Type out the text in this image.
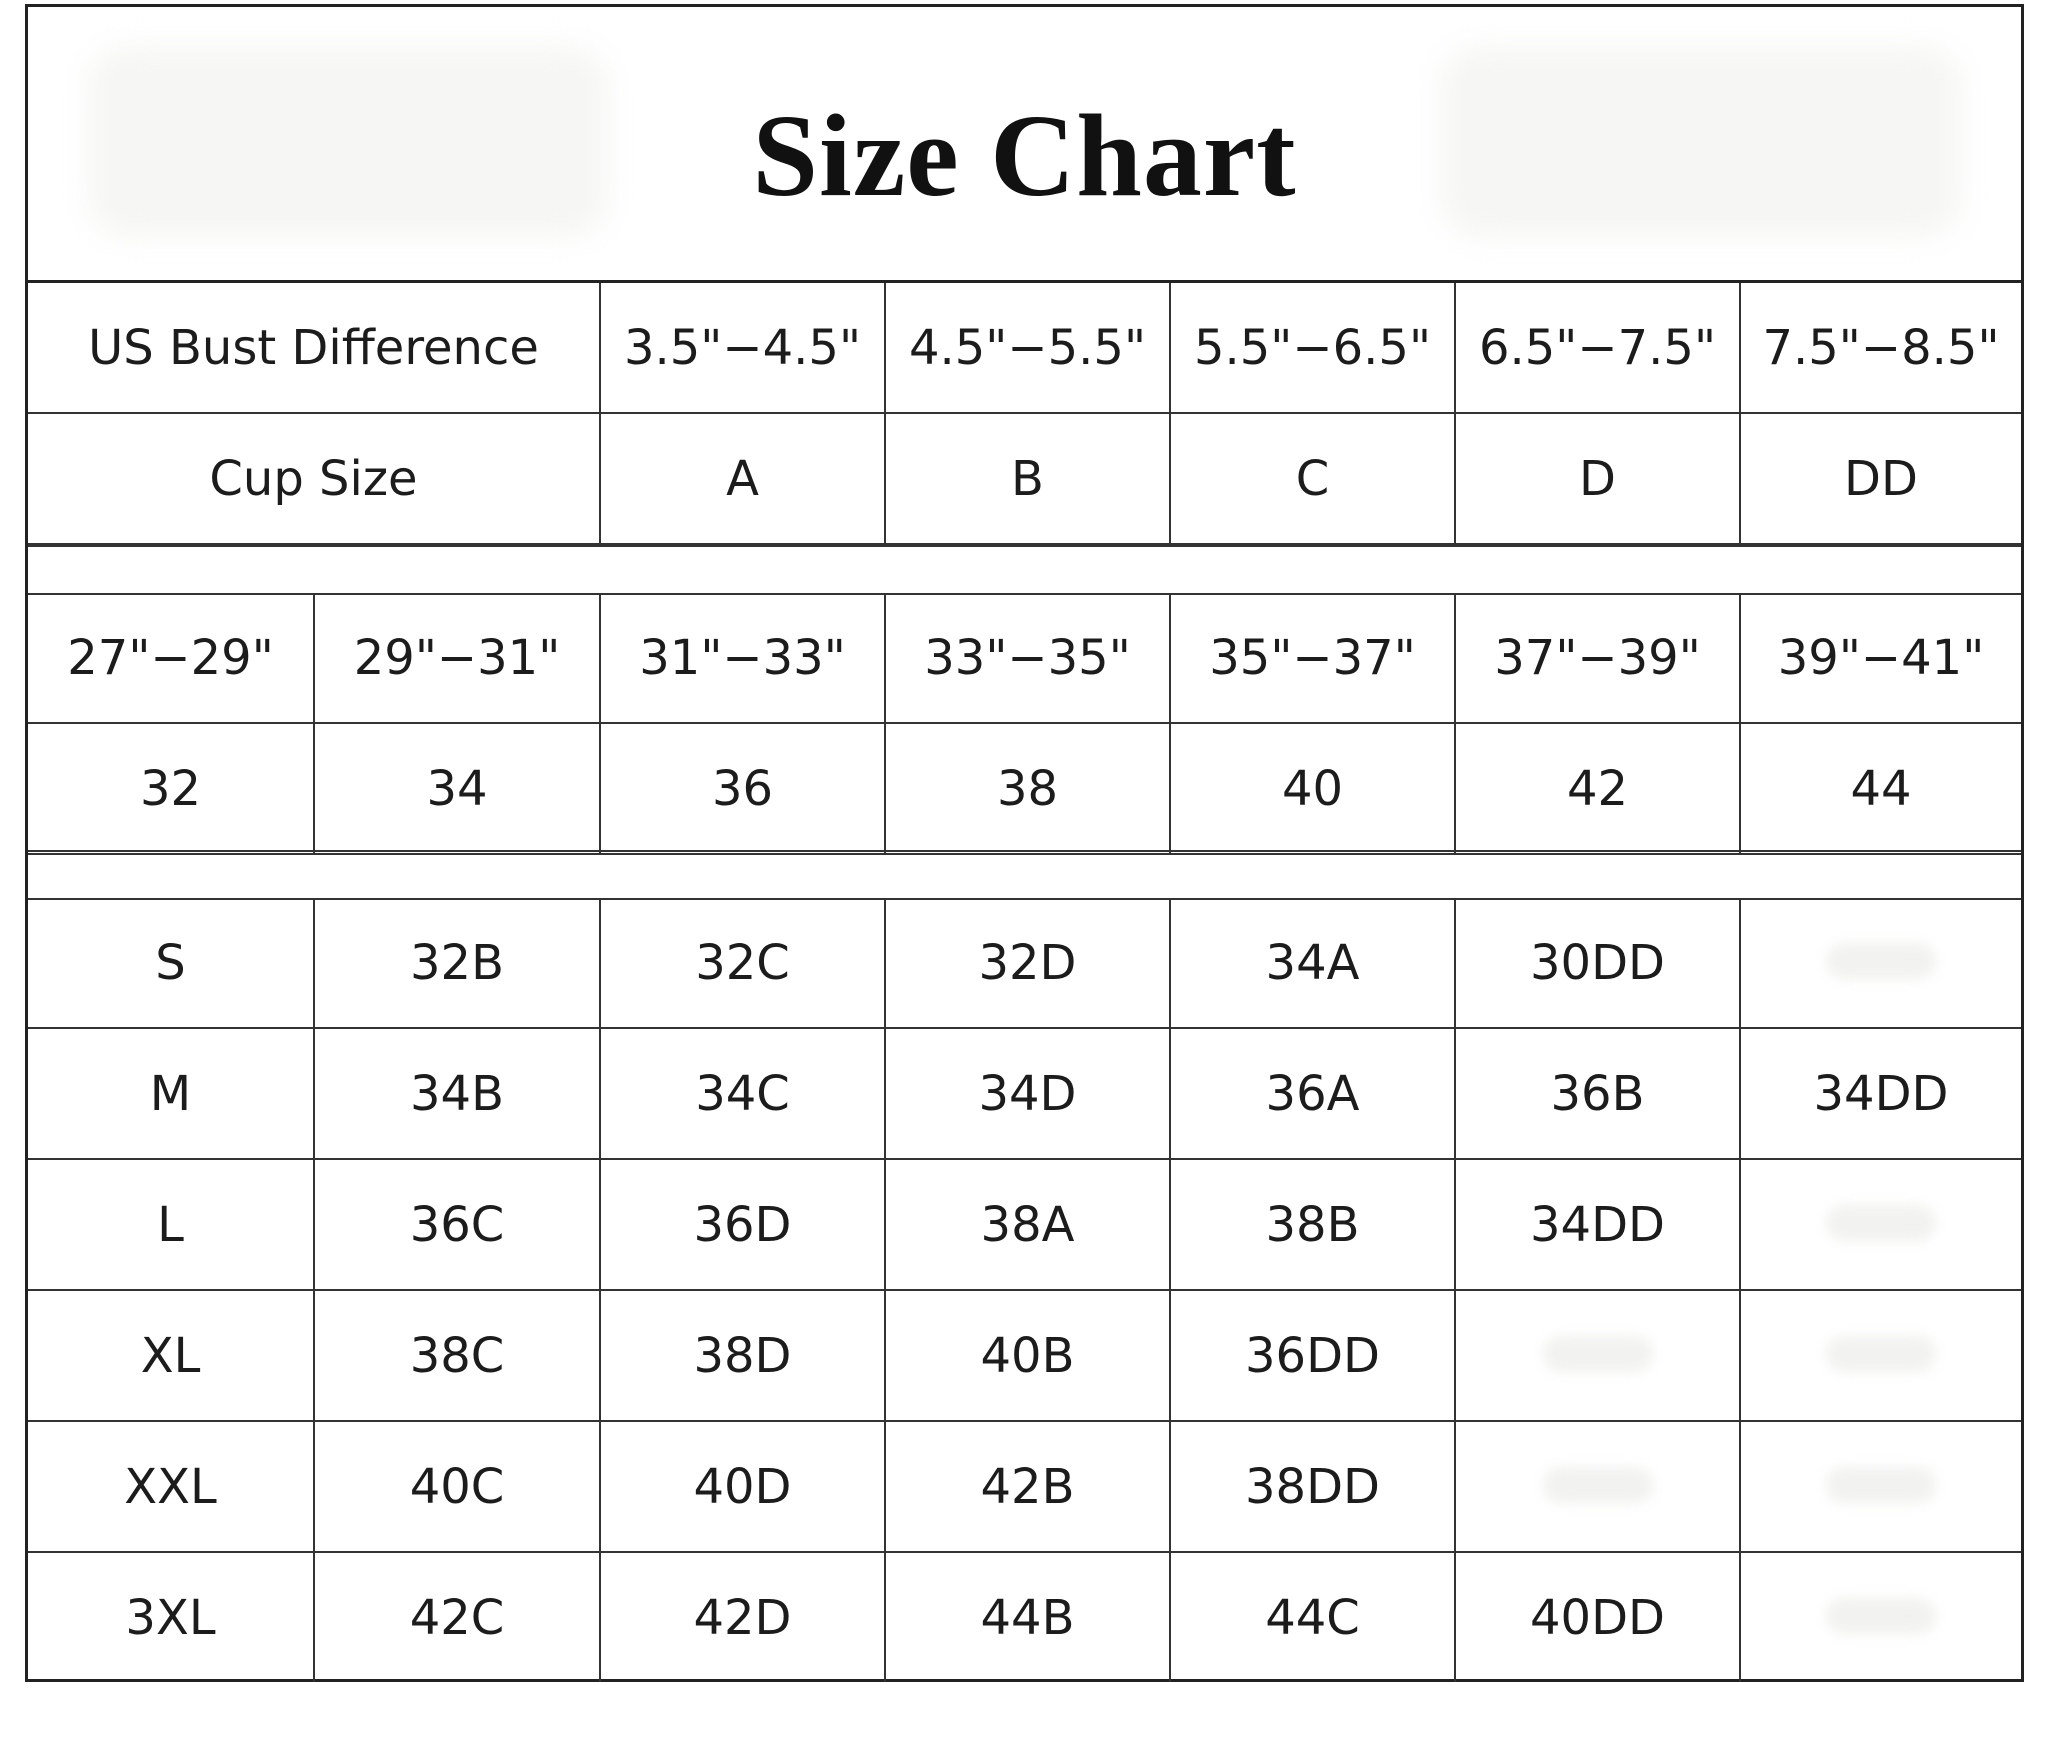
Size Chart
US Bust Difference	3.5"−4.5"	4.5"−5.5"	5.5"−6.5"	6.5"−7.5"	7.5"−8.5"
Cup Size	A	B	C	D	DD
27"−29"	29"−31"	31"−33"	33"−35"	35"−37"	37"−39"	39"−41"
32	34	36	38	40	42	44
S	32B	32C	32D	34A	30DD	
M	34B	34C	34D	36A	36B	34DD
L	36C	36D	38A	38B	34DD	
XL	38C	38D	40B	36DD		
XXL	40C	40D	42B	38DD		
3XL	42C	42D	44B	44C	40DD	
